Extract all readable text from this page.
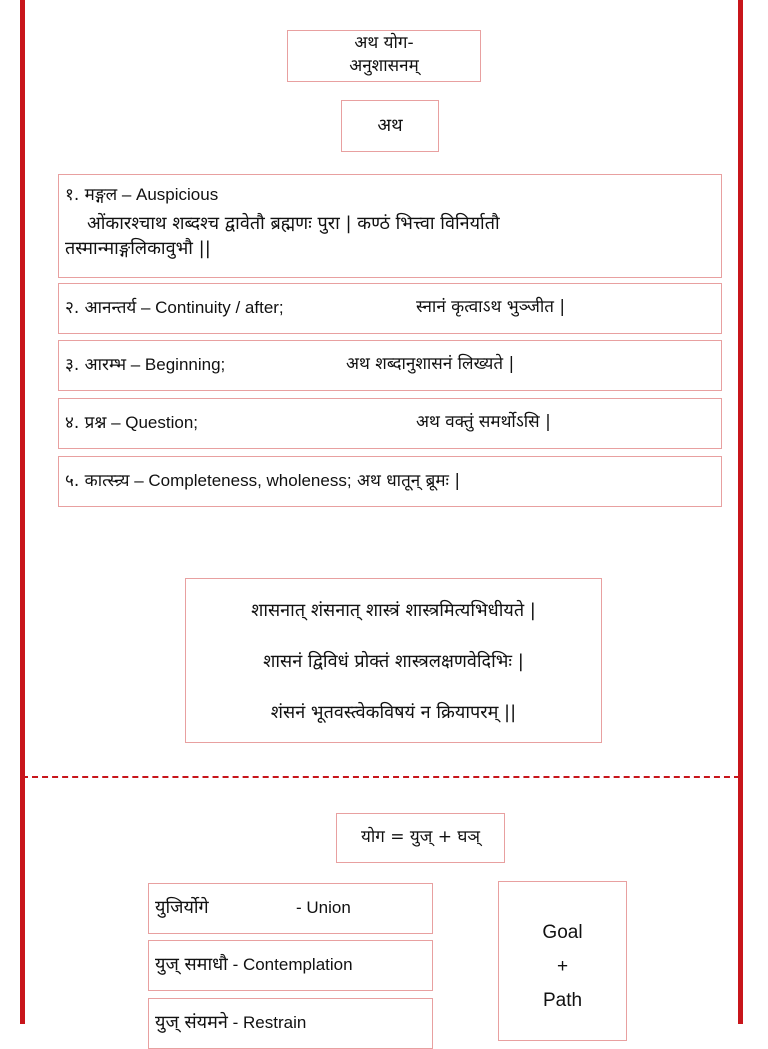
अथ योग-
अनुशासनम्
अथ
१. मङ्गल – Auspicious
ओंकारश्चाथ शब्दश्च द्वावेतौ ब्रह्मणः पुरा | कण्ठं भित्त्वा विनिर्यातौ
तस्मान्माङ्गलिकावुभौ ||
२. आनन्तर्य – Continuity / after;	स्नानं कृत्वाऽथ भुञ्जीत |
३. आरम्भ – Beginning;	अथ शब्दानुशासनं लिख्यते |
४. प्रश्न – Question;	अथ वक्तुं समर्थोऽसि |
५. कात्स्न्र्य – Completeness, wholeness; अथ धातून् ब्रूमः |
शासनात् शंसनात् शास्त्रं शास्त्रमित्यभिधीयते |
शासनं द्विविधं प्रोक्तं शास्त्रलक्षणवेदिभिः |
शंसनं भूतवस्त्वेकविषयं न क्रियापरम् ||
योग = युज् + घञ्
युजिर्योगे	- Union
युज् समाधौ - Contemplation
युज् संयमने - Restrain
Goal
+
Path
